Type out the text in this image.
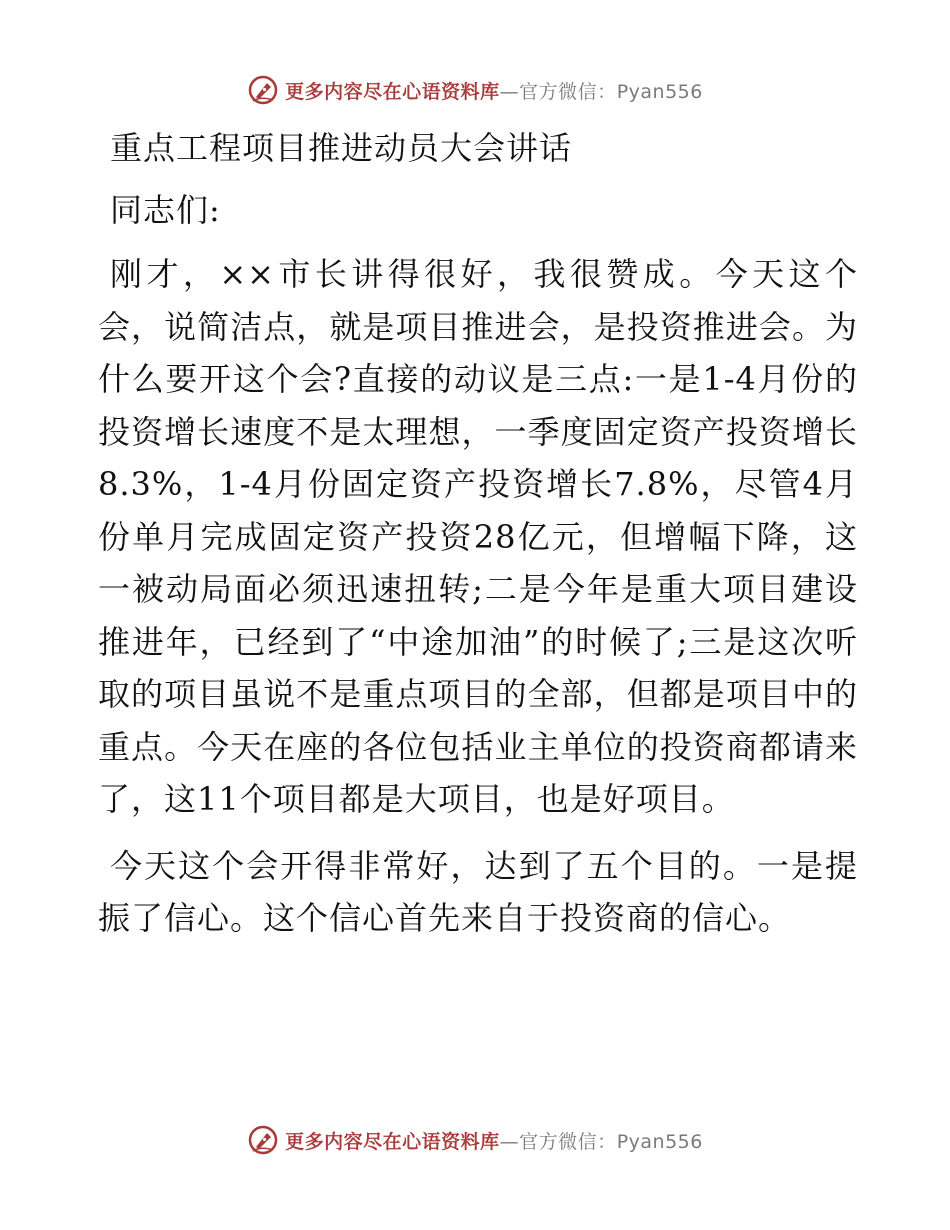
更多内容尽在心语资料库—官方微信：Pyan556
重点工程项目推进动员大会讲话

同志们:

刚才，××市长讲得很好，我很赞成。今天这个会，说简洁点，就是项目推进会，是投资推进会。为什么要开这个会?直接的动议是三点:一是1-4月份的投资增长速度不是太理想，一季度固定资产投资增长8.3%，1-4月份固定资产投资增长7.8%，尽管4月份单月完成固定资产投资28亿元，但增幅下降，这一被动局面必须迅速扭转;二是今年是重大项目建设推进年，已经到了“中途加油”的时候了;三是这次听取的项目虽说不是重点项目的全部，但都是项目中的重点。今天在座的各位包括业主单位的投资商都请来了，这11个项目都是大项目，也是好项目。

今天这个会开得非常好，达到了五个目的。一是提振了信心。这个信心首先来自于投资商的信心。

更多内容尽在心语资料库—官方微信：Pyan556
